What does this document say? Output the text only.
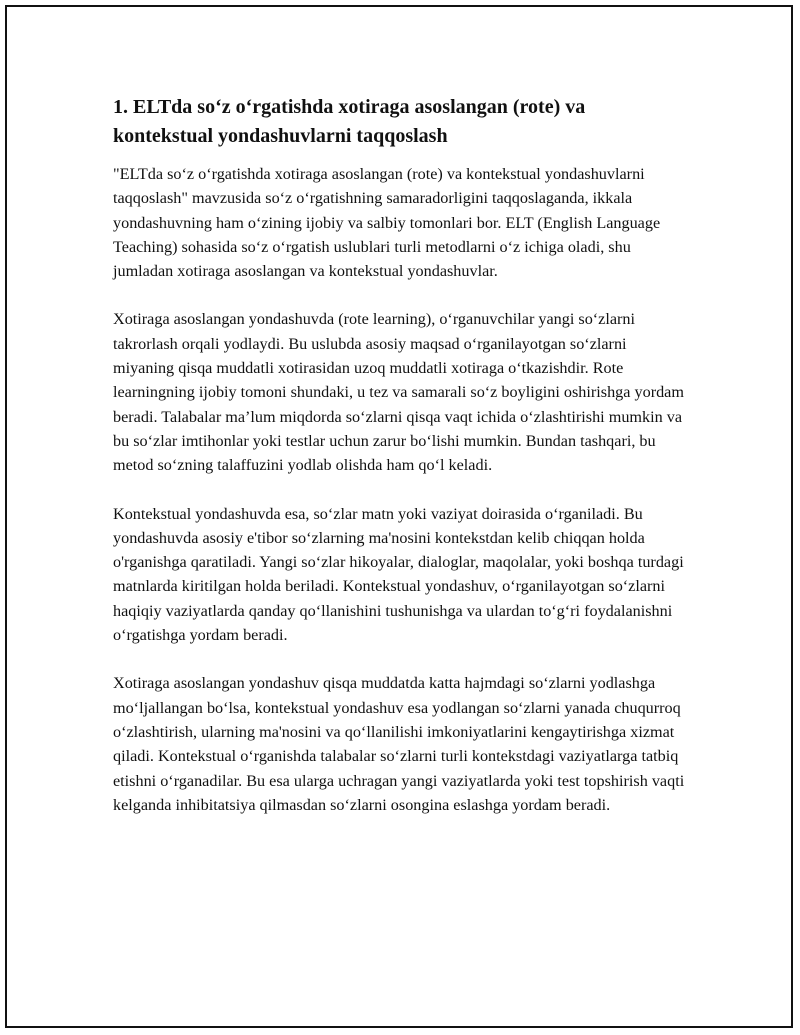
1. ELTda so‘z o‘rgatishda xotiraga asoslangan (rote) va kontekstual yondashuvlarni taqqoslash

"ELTda so‘z o‘rgatishda xotiraga asoslangan (rote) va kontekstual yondashuvlarni taqqoslash" mavzusida so‘z o‘rgatishning samaradorligini taqqoslaganda, ikkala yondashuvning ham o‘zining ijobiy va salbiy tomonlari bor. ELT (English Language Teaching) sohasida so‘z o‘rgatish uslublari turli metodlarni o‘z ichiga oladi, shu jumladan xotiraga asoslangan va kontekstual yondashuvlar.

Xotiraga asoslangan yondashuvda (rote learning), o‘rganuvchilar yangi so‘zlarni takrorlash orqali yodlaydi. Bu uslubda asosiy maqsad o‘rganilayotgan so‘zlarni miyaning qisqa muddatli xotirasidan uzoq muddatli xotiraga o‘tkazishdir. Rote learningning ijobiy tomoni shundaki, u tez va samarali so‘z boyligini oshirishga yordam beradi. Talabalar ma’lum miqdorda so‘zlarni qisqa vaqt ichida o‘zlashtirishi mumkin va bu so‘zlar imtihonlar yoki testlar uchun zarur bo‘lishi mumkin. Bundan tashqari, bu metod so‘zning talaffuzini yodlab olishda ham qo‘l keladi.

Kontekstual yondashuvda esa, so‘zlar matn yoki vaziyat doirasida o‘rganiladi. Bu yondashuvda asosiy e'tibor so‘zlarning ma'nosini kontekstdan kelib chiqqan holda o'rganishga qaratiladi. Yangi so‘zlar hikoyalar, dialoglar, maqolalar, yoki boshqa turdagi matnlarda kiritilgan holda beriladi. Kontekstual yondashuv, o‘rganilayotgan so‘zlarni haqiqiy vaziyatlarda qanday qo‘llanishini tushunishga va ulardan to‘g‘ri foydalanishni o‘rgatishga yordam beradi.

Xotiraga asoslangan yondashuv qisqa muddatda katta hajmdagi so‘zlarni yodlashga mo‘ljallangan bo‘lsa, kontekstual yondashuv esa yodlangan so‘zlarni yanada chuqurroq o‘zlashtirish, ularning ma'nosini va qo‘llanilishi imkoniyatlarini kengaytirishga xizmat qiladi. Kontekstual o‘rganishda talabalar so‘zlarni turli kontekstdagi vaziyatlarga tatbiq etishni o‘rganadilar. Bu esa ularga uchragan yangi vaziyatlarda yoki test topshirish vaqti kelganda inhibitatsiya qilmasdan so‘zlarni osongina eslashga yordam beradi.
